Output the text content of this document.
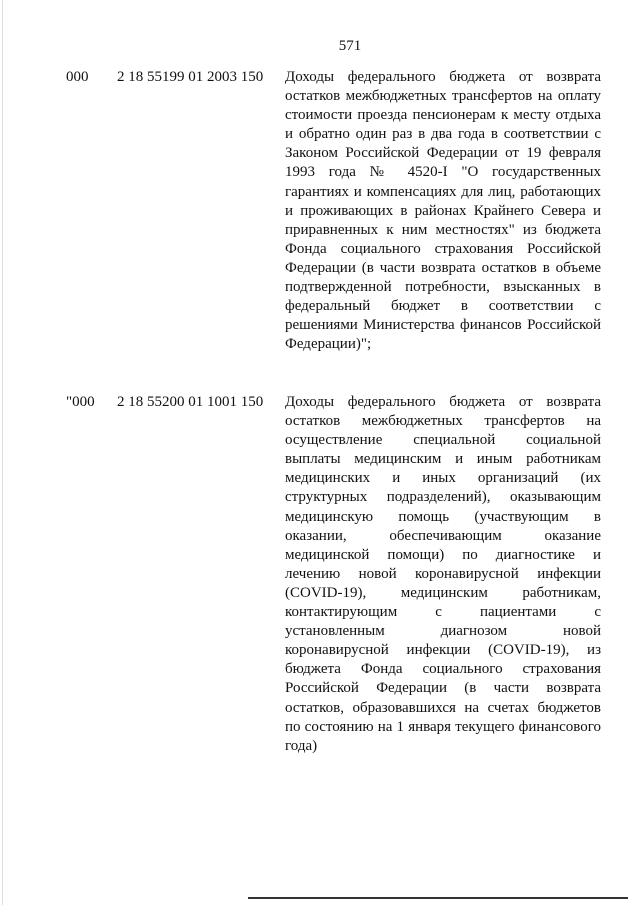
571
000 2 18 55199 01 2003 150 Доходы федерального бюджета от возврата остатков межбюджетных трансфертов на оплату стоимости проезда пенсионерам к месту отдыха и обратно один раз в два года в соответствии с Законом Российской Федерации от 19 февраля 1993 года № 4520-I "О государственных гарантиях и компенсациях для лиц, работающих и проживающих в районах Крайнего Севера и приравненных к ним местностях" из бюджета Фонда социального страхования Российской Федерации (в части возврата остатков в объеме подтвержденной потребности, взысканных в федеральный бюджет в соответствии с решениями Министерства финансов Российской Федерации)";

"000 2 18 55200 01 1001 150 Доходы федерального бюджета от возврата остатков межбюджетных трансфертов на осуществление специальной социальной выплаты медицинским и иным работникам медицинских и иных организаций (их структурных подразделений), оказывающим медицинскую помощь (участвующим в оказании, обеспечивающим оказание медицинской помощи) по диагностике и лечению новой коронавирусной инфекции (COVID-19), медицинским работникам, контактирующим с пациентами с установленным диагнозом новой коронавирусной инфекции (COVID-19), из бюджета Фонда социального страхования Российской Федерации (в части возврата остатков, образовавшихся на счетах бюджетов по состоянию на 1 января текущего финансового года)
